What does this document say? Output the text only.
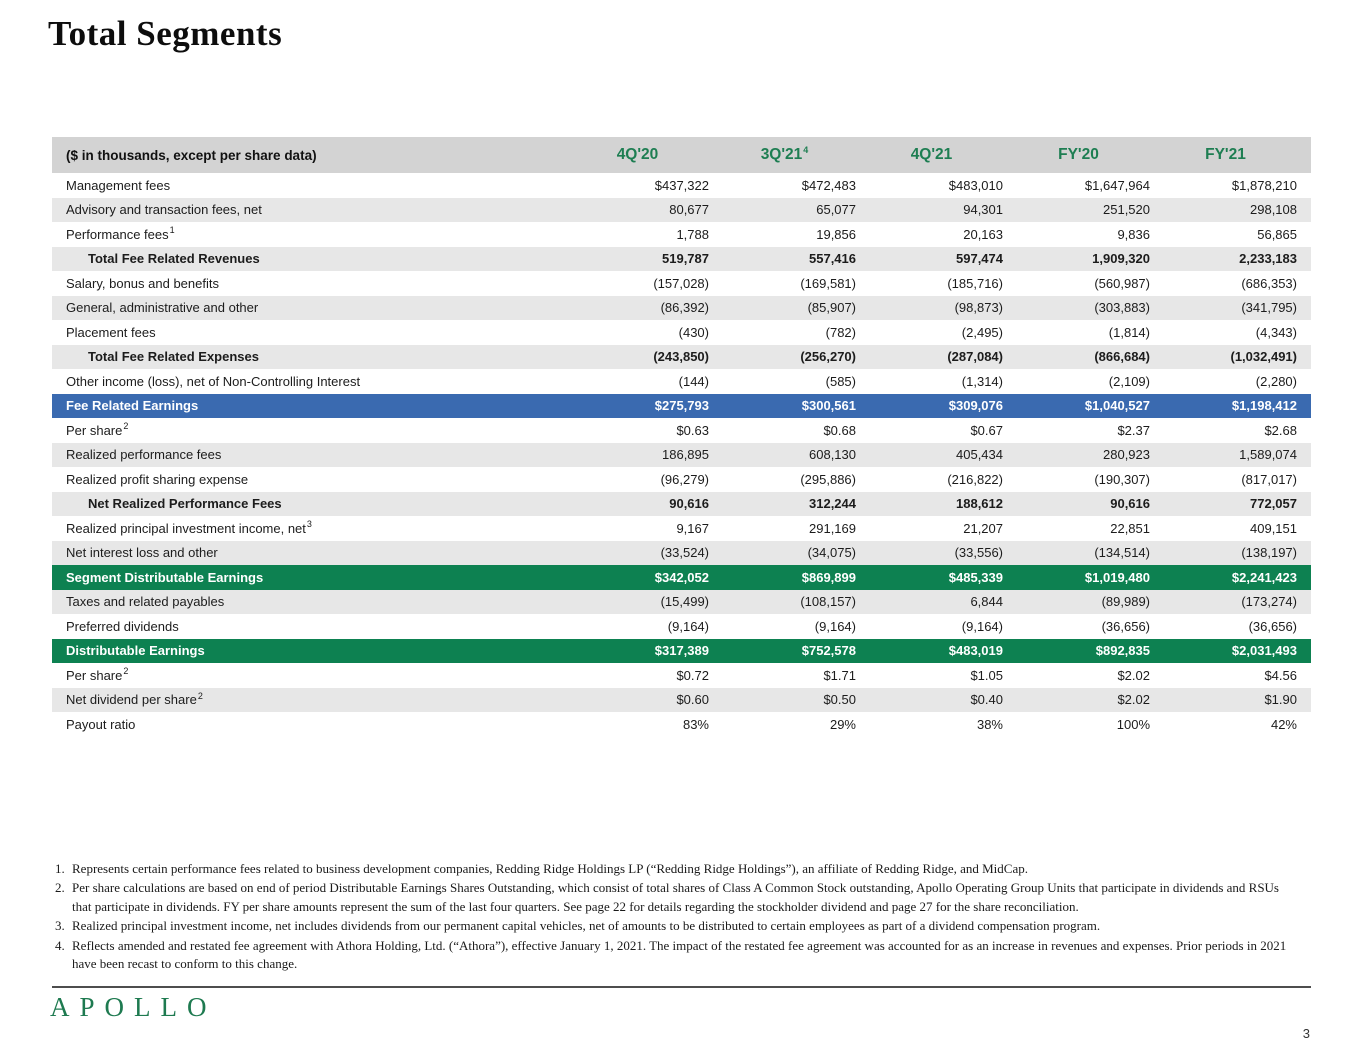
Total Segments
($ in thousands, except per share data)	4Q'20	$3Q'21^4$	4Q'21	FY'20	FY'21
Management fees	$437,322	$472,483	$483,010	$1,647,964	$1,878,210
Advisory and transaction fees, net	80,677	65,077	94,301	251,520	298,108
Performance fees$^1$	1,788	19,856	20,163	9,836	56,865
Total Fee Related Revenues	519,787	557,416	597,474	1,909,320	2,233,183
Salary, bonus and benefits	(157,028)	(169,581)	(185,716)	(560,987)	(686,353)
General, administrative and other	(86,392)	(85,907)	(98,873)	(303,883)	(341,795)
Placement fees	(430)	(782)	(2,495)	(1,814)	(4,343)
Total Fee Related Expenses	(243,850)	(256,270)	(287,084)	(866,684)	(1,032,491)
Other income (loss), net of Non-Controlling Interest	(144)	(585)	(1,314)	(2,109)	(2,280)
Fee Related Earnings	$275,793	$300,561	$309,076	$1,040,527	$1,198,412
Per share$^2$	$0.63	$0.68	$0.67	$2.37	$2.68
Realized performance fees	186,895	608,130	405,434	280,923	1,589,074
Realized profit sharing expense	(96,279)	(295,886)	(216,822)	(190,307)	(817,017)
Net Realized Performance Fees	90,616	312,244	188,612	90,616	772,057
Realized principal investment income, net$^3$	9,167	291,169	21,207	22,851	409,151
Net interest loss and other	(33,524)	(34,075)	(33,556)	(134,514)	(138,197)
Segment Distributable Earnings	$342,052	$869,899	$485,339	$1,019,480	$2,241,423
Taxes and related payables	(15,499)	(108,157)	6,844	(89,989)	(173,274)
Preferred dividends	(9,164)	(9,164)	(9,164)	(36,656)	(36,656)
Distributable Earnings	$317,389	$752,578	$483,019	$892,835	$2,031,493
Per share$^2$	$0.72	$1.71	$1.05	$2.02	$4.56
Net dividend per share$^2$	$0.60	$0.50	$0.40	$2.02	$1.90
Payout ratio	83%	29%	38%	100%	42%
1. Represents certain performance fees related to business development companies, Redding Ridge Holdings LP (“Redding Ridge Holdings”), an affiliate of Redding Ridge, and MidCap.
2. Per share calculations are based on end of period Distributable Earnings Shares Outstanding, which consist of total shares of Class A Common Stock outstanding, Apollo Operating Group Units that participate in dividends and RSUs that participate in dividends. FY per share amounts represent the sum of the last four quarters. See page 22 for details regarding the stockholder dividend and page 27 for the share reconciliation.
3. Realized principal investment income, net includes dividends from our permanent capital vehicles, net of amounts to be distributed to certain employees as part of a dividend compensation program.
4. Reflects amended and restated fee agreement with Athora Holding, Ltd. (“Athora”), effective January 1, 2021. The impact of the restated fee agreement was accounted for as an increase in revenues and expenses. Prior periods in 2021 have been recast to conform to this change.
APOLLO
3
